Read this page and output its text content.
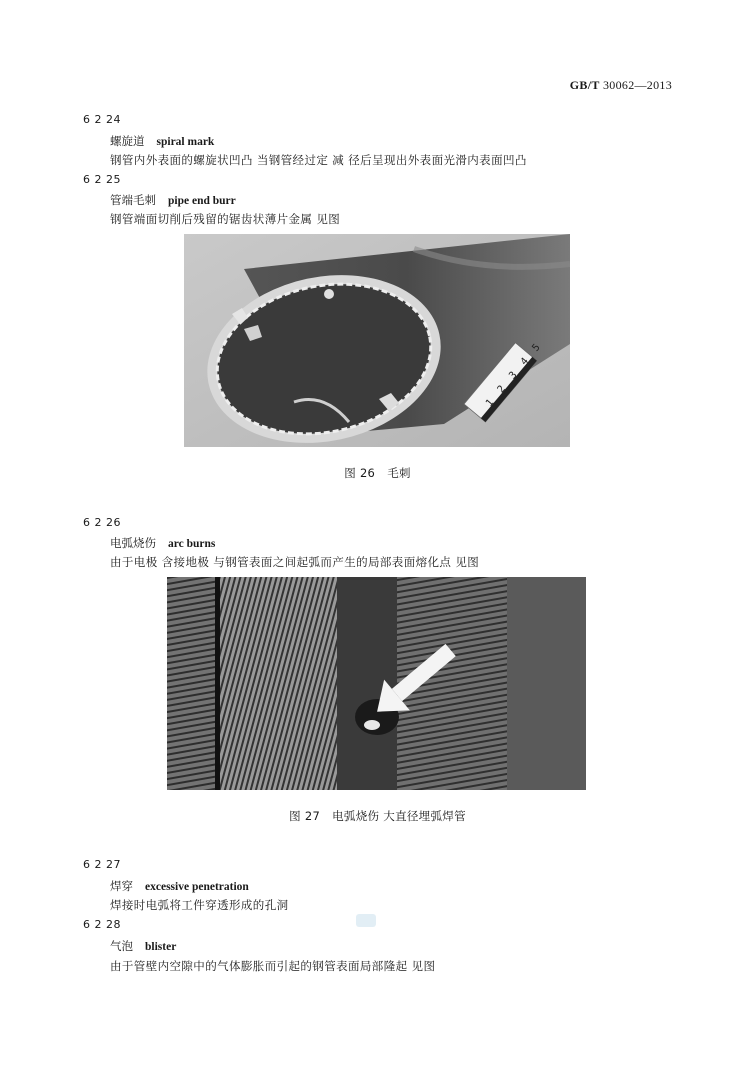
GB/T 30062—2013
6 2 24
螺旋道 spiral mark
钢管内外表面的螺旋状凹凸 当钢管经过定 减 径后呈现出外表面光滑内表面凹凸
6 2 25
管端毛刺 pipe end burr
钢管端面切削后残留的锯齿状薄片金属 见图
1 2 3 4 5
图 26 毛刺
6 2 26
电弧烧伤 arc burns
由于电极 含接地极 与钢管表面之间起弧而产生的局部表面熔化点 见图
图 27 电弧烧伤 大直径埋弧焊管
6 2 27
焊穿 excessive penetration
焊接时电弧将工件穿透形成的孔洞
6 2 28
气泡 blister
由于管壁内空隙中的气体膨胀而引起的钢管表面局部隆起 见图
